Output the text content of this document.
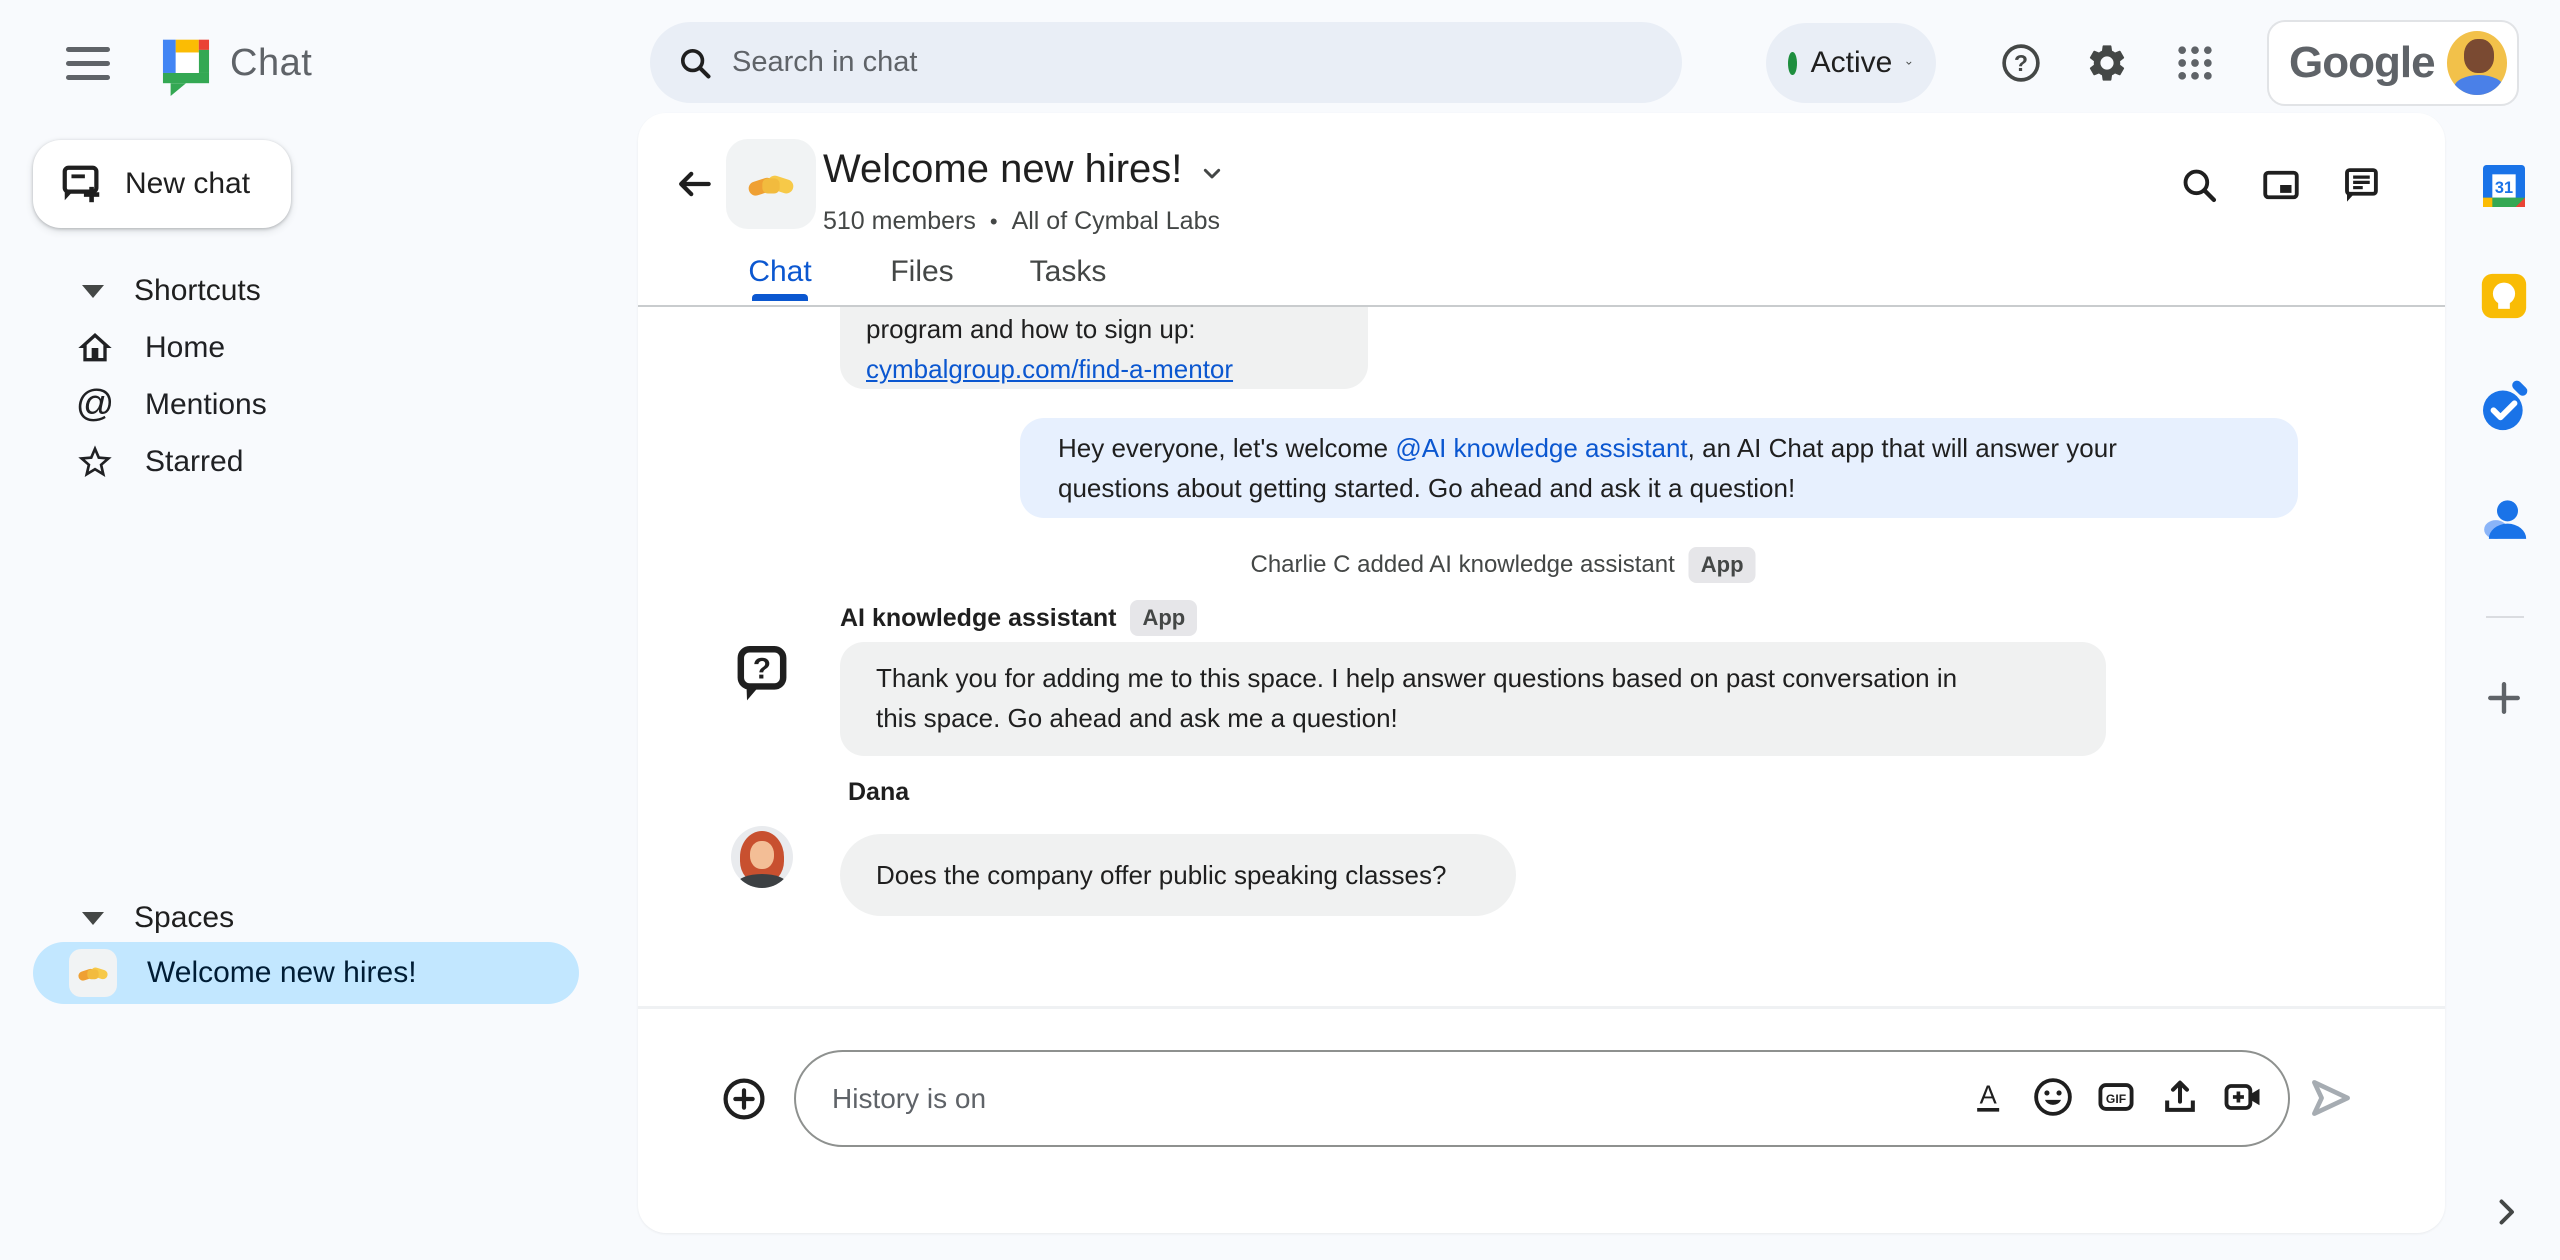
Chat
Search in chat	Active	?	Google
New chat
Shortcuts
Home
@ Mentions
Starred
Spaces
Welcome new hires!
Welcome new hires!
510 members • All of Cymbal Labs
Chat	Files	Tasks
program and how to sign up:
cymbalgroup.com/find-a-mentor
Hey everyone, let's welcome @AI knowledge assistant, an AI Chat app that will answer your
questions about getting started. Go ahead and ask it a question!
Charlie C added AI knowledge assistant	App
AI knowledge assistant	App
?	Thank you for adding me to this space. I help answer questions based on past conversation in
this space. Go ahead and ask me a question!
Dana
Does the company offer public speaking classes?
History is on
A	GIF
31
